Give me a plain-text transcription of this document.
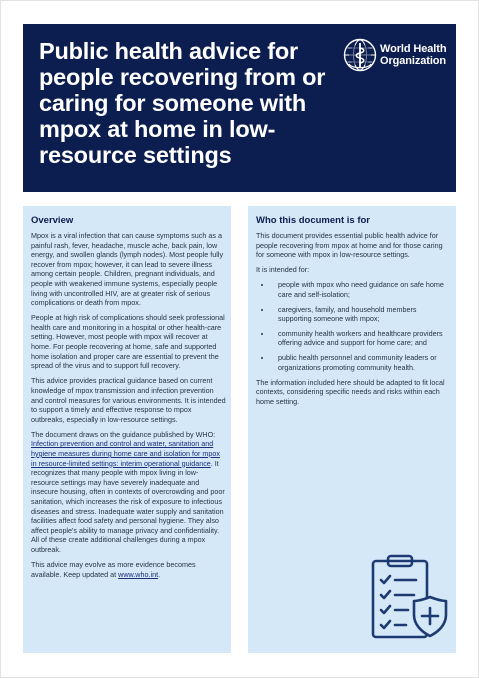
Public health advice for people recovering from or caring for someone with mpox at home in low-resource settings
World Health
Organization
Overview

Mpox is a viral infection that can cause symptoms such as a painful rash, fever, headache, muscle ache, back pain, low energy, and swollen glands (lymph nodes). Most people fully recover from mpox; however, it can lead to severe illness among certain people. Children, pregnant individuals, and people with weakened immune systems, especially people living with uncontrolled HIV, are at greater risk of serious complications or death from mpox.

People at high risk of complications should seek professional health care and monitoring in a hospital or other health-care setting. However, most people with mpox will recover at home. For people recovering at home, safe and supported home isolation and proper care are essential to prevent the spread of the virus and to support full recovery.

This advice provides practical guidance based on current knowledge of mpox transmission and infection prevention and control measures for various environments. It is intended to support a timely and effective response to mpox outbreaks, especially in low-resource settings.

The document draws on the guidance published by WHO: Infection prevention and control and water, sanitation and hygiene measures during home care and isolation for mpox in resource-limited settings: interim operational guidance. It recognizes that many people with mpox living in low-resource settings may have severely inadequate and insecure housing, often in contexts of overcrowding and poor sanitation, which increases the risk of exposure to infectious diseases and stress. Inadequate water supply and sanitation facilities affect food safety and personal hygiene. They also affect people's ability to manage privacy and confidentiality. All of these create additional challenges during a mpox outbreak.

This advice may evolve as more evidence becomes available. Keep updated at www.who.int.

Who this document is for

This document provides essential public health advice for people recovering from mpox at home and for those caring for someone with mpox in low-resource settings.

It is intended for:

• people with mpox who need guidance on safe home care and self-isolation;
• caregivers, family, and household members supporting someone with mpox;
• community health workers and healthcare providers offering advice and support for home care; and
• public health personnel and community leaders or organizations promoting community health.

The information included here should be adapted to fit local contexts, considering specific needs and risks within each home setting.
